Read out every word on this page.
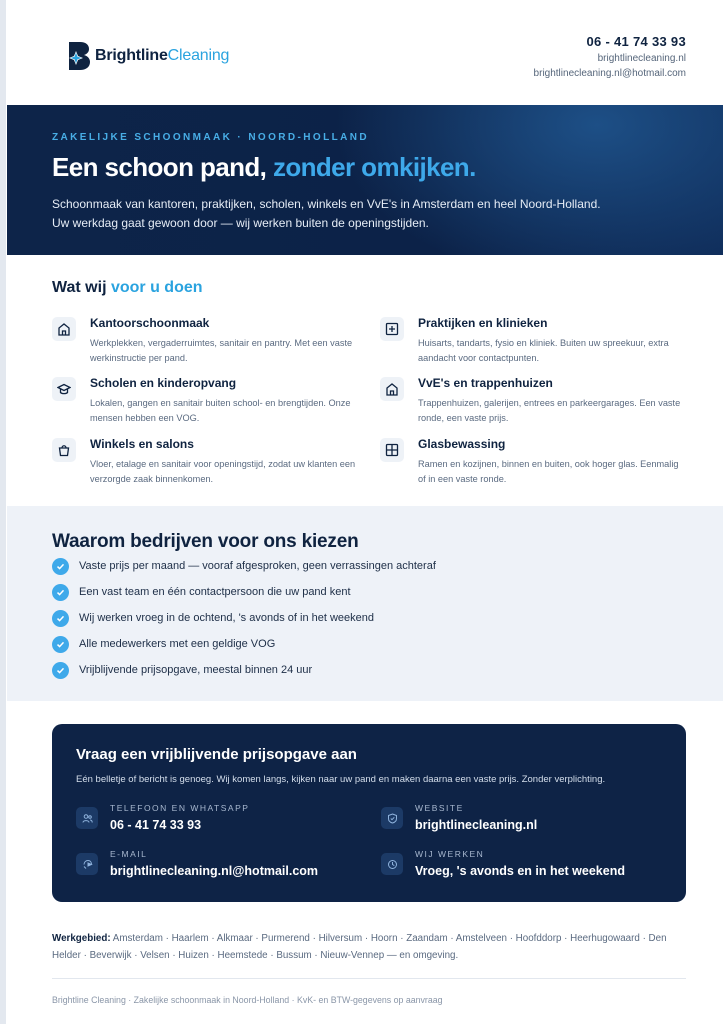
BrightlineCleaning
06 - 41 74 33 93
brightlinecleaning.nl
brightlinecleaning.nl@hotmail.com
ZAKELIJKE SCHOONMAAK · NOORD-HOLLAND
Een schoon pand, zonder omkijken.

Schoonmaak van kantoren, praktijken, scholen, winkels en VvE's in Amsterdam en heel Noord-Holland. Uw werkdag gaat gewoon door — wij werken buiten de openingstijden.

Wat wij voor u doen
Kantoorschoonmaak
Werkplekken, vergaderruimtes, sanitair en pantry. Met een vaste werkinstructie per pand.
Praktijken en klinieken
Huisarts, tandarts, fysio en kliniek. Buiten uw spreekuur, extra aandacht voor contactpunten.
Scholen en kinderopvang
Lokalen, gangen en sanitair buiten school- en brengtijden. Onze mensen hebben een VOG.
VvE's en trappenhuizen
Trappenhuizen, galerijen, entrees en parkeergarages. Een vaste ronde, een vaste prijs.
Winkels en salons
Vloer, etalage en sanitair voor openingstijd, zodat uw klanten een verzorgde zaak binnenkomen.
Glasbewassing
Ramen en kozijnen, binnen en buiten, ook hoger glas. Eenmalig of in een vaste ronde.
Waarom bedrijven voor ons kiezen
Vaste prijs per maand — vooraf afgesproken, geen verrassingen achteraf
Een vast team en één contactpersoon die uw pand kent
Wij werken vroeg in de ochtend, 's avonds of in het weekend
Alle medewerkers met een geldige VOG
Vrijblijvende prijsopgave, meestal binnen 24 uur
Vraag een vrijblijvende prijsopgave aan

Eén belletje of bericht is genoeg. Wij komen langs, kijken naar uw pand en maken daarna een vaste prijs. Zonder verplichting.

TELEFOON EN WHATSAPP
06 - 41 74 33 93
WEBSITE
brightlinecleaning.nl
E-MAIL
brightlinecleaning.nl@hotmail.com
WIJ WERKEN
Vroeg, 's avonds en in het weekend
Werkgebied: Amsterdam · Haarlem · Alkmaar · Purmerend · Hilversum · Hoorn · Zaandam · Amstelveen · Hoofddorp · Heerhugowaard · Den Helder · Beverwijk · Velsen · Huizen · Heemstede · Bussum · Nieuw-Vennep — en omgeving.
Brightline Cleaning · Zakelijke schoonmaak in Noord-Holland · KvK- en BTW-gegevens op aanvraag
